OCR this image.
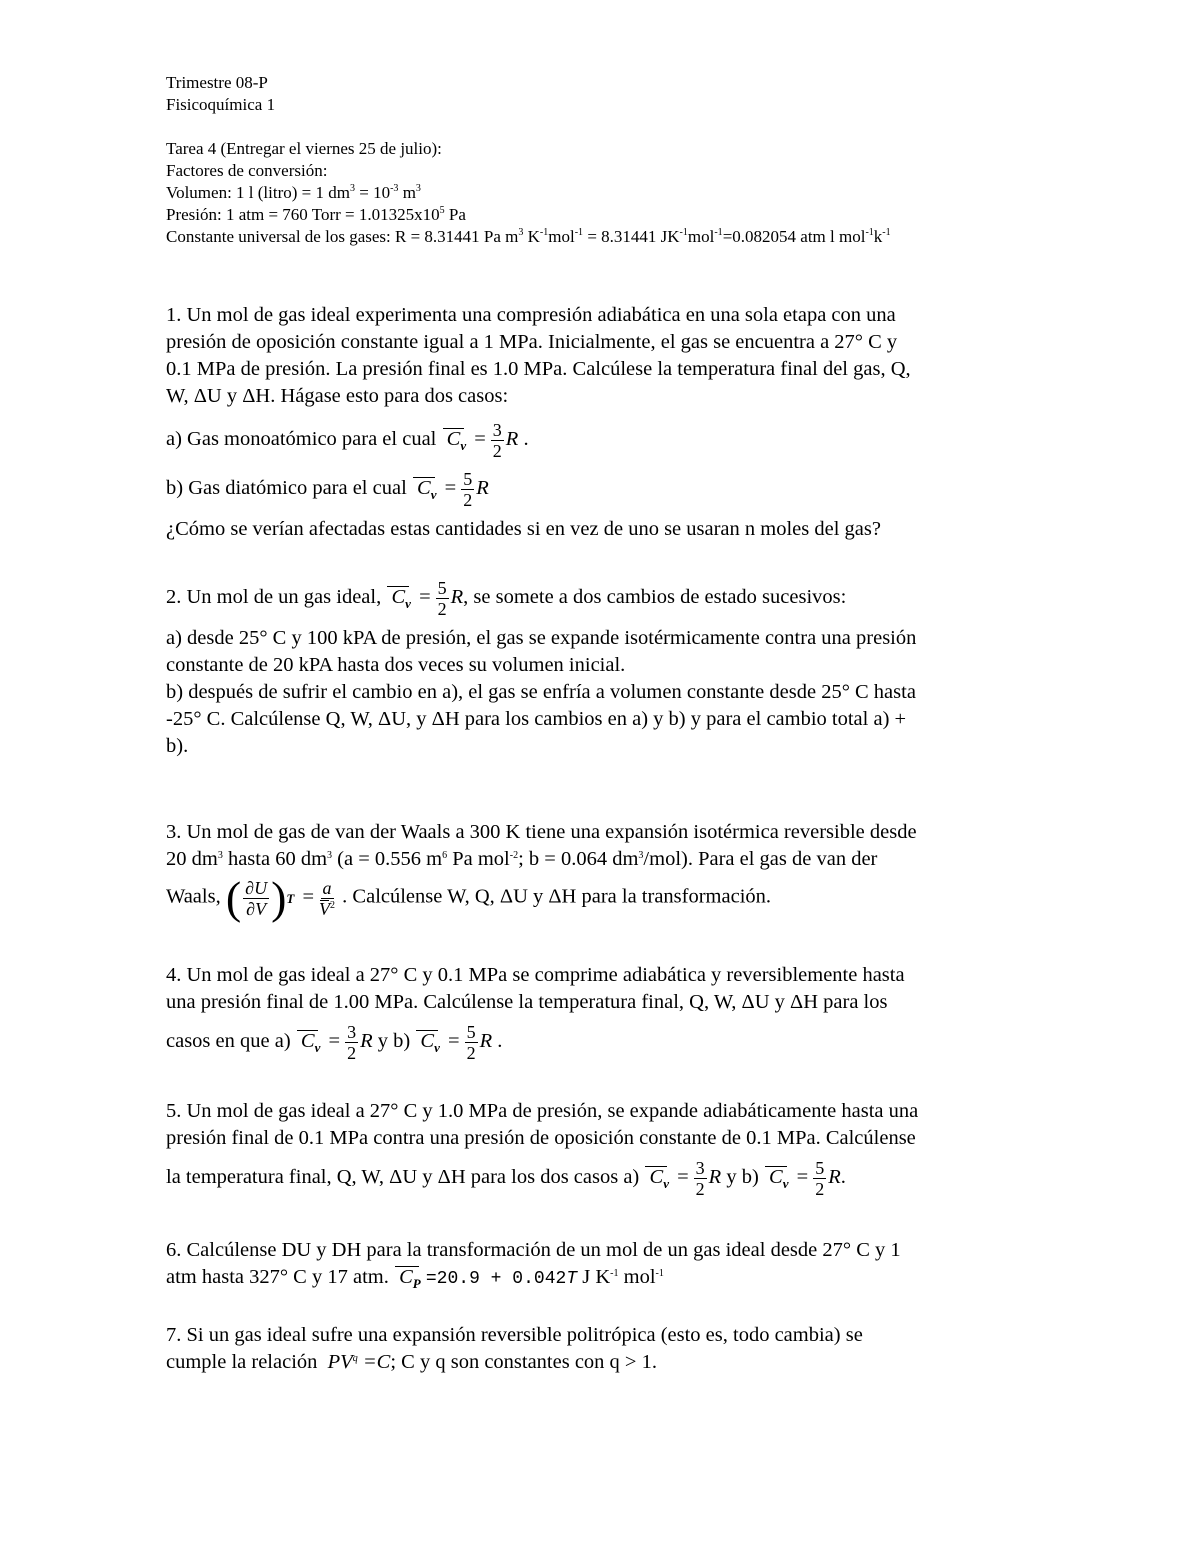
Trimestre 08-P
Fisicoquímica 1
Tarea 4 (Entregar el viernes 25 de julio):
Factores de conversión:
Volumen: 1 l (litro) = 1 $dm^3 = 10^{-3}$ $m^3$
Presión: 1 atm = 760 Torr = $1.01325x10^5$ Pa
Constante universal de los gases: R = 8.31441 Pa $m^3$ $K^{-1}mol^{-1} = 8.31441$ $JK^{-1}mol^{-1}=0.082054$ atm l $mol^{-1}k^{-1}$
1. Un mol de gas ideal experimenta una compresión adiabática en una sola etapa con una
presión de oposición constante igual a 1 MPa. Inicialmente, el gas se encuentra a 27° C y
0.1 MPa de presión. La presión final es 1.0 MPa. Calcúlese la temperatura final del gas, Q,
W, ΔU y ΔH. Hágase esto para dos casos:
a) Gas monoatómico para el cual $C_v = \frac{3}{2}$ R .
b) Gas diatómico para el cual $C_v = \frac{5}{2}$ R
¿Cómo se verían afectadas estas cantidades si en vez de uno se usaran n moles del gas?
2. Un mol de un gas ideal, $C_v = \frac{5}{2} R$, se somete a dos cambios de estado sucesivos:
a) desde 25° C y 100 kPA de presión, el gas se expande isotérmicamente contra una presión
constante de 20 kPA hasta dos veces su volumen inicial.
b) después de sufrir el cambio en a), el gas se enfría a volumen constante desde 25° C hasta
-25° C. Calcúlense Q, W, ΔU, y ΔH para los cambios en a) y b) y para el cambio total a) +
b).
3. Un mol de gas de van der Waals a 300 K tiene una expansión isotérmica reversible desde
20 $dm^3$ hasta 60 $dm^3$ (a = 0.556 $m^6$ Pa mol$^{-2}$; b = 0.064 $dm^3/mol$). Para el gas de van der
Waals, ( $\frac{\partial U}{\partial V}$ ) $T = \frac{a}{V^2}$ . Calcúlense W, Q, ΔU y ΔH para la transformación.
4. Un mol de gas ideal a 27° C y 0.1 MPa se comprime adiabática y reversiblemente hasta
una presión final de 1.00 MPa. Calcúlense la temperatura final, Q, W, ΔU y ΔH para los
casos en que a) $C_v = \frac{3}{2}$ R y b) $C_v = \frac{5}{2}$ R .
5. Un mol de gas ideal a 27° C y 1.0 MPa de presión, se expande adiabáticamente hasta una
presión final de 0.1 MPa contra una presión de oposición constante de 0.1 MPa. Calcúlense
la temperatura final, Q, W, ΔU y ΔH para los dos casos a) $C_v = \frac{3}{2}$ R y b) $C_v = \frac{5}{2} R$.
6. Calcúlense DU y DH para la transformación de un mol de un gas ideal desde 27° C y 1
atm hasta 327° C y 17 atm. $C_P =20.9 + 0.042T$ J $K^{-1}$ mol$^{-1}$
7. Si un gas ideal sufre una expansión reversible politrópica (esto es, todo cambia) se
cumple la relación $PV^q =C$; C y q son constantes con q > 1.
